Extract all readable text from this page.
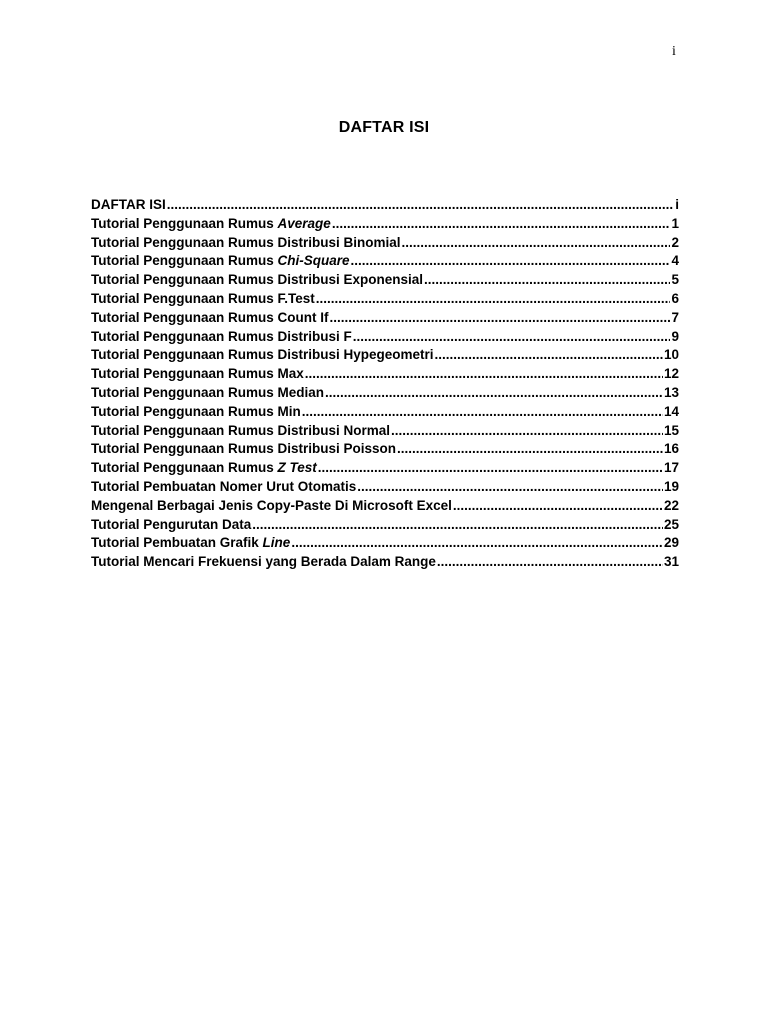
i
DAFTAR ISI
DAFTAR ISI .....	i
Tutorial Penggunaan Rumus Average .....	1
Tutorial Penggunaan Rumus Distribusi Binomial .....	2
Tutorial Penggunaan Rumus Chi-Square .....	4
Tutorial Penggunaan Rumus Distribusi Exponensial .....	5
Tutorial Penggunaan Rumus F.Test .....	6
Tutorial Penggunaan Rumus Count If .....	7
Tutorial Penggunaan Rumus Distribusi F .....	9
Tutorial Penggunaan Rumus Distribusi Hypegeometri .....	10
Tutorial Penggunaan Rumus Max .....	12
Tutorial Penggunaan Rumus Median .....	13
Tutorial Penggunaan Rumus Min .....	14
Tutorial Penggunaan Rumus Distribusi Normal .....	15
Tutorial Penggunaan Rumus Distribusi Poisson .....	16
Tutorial Penggunaan Rumus Z Test .....	17
Tutorial Pembuatan Nomer Urut Otomatis .....	19
Mengenal Berbagai Jenis Copy-Paste Di Microsoft Excel .....	22
Tutorial Pengurutan Data .....	25
Tutorial Pembuatan Grafik Line .....	29
Tutorial Mencari Frekuensi yang Berada Dalam Range .....	31
